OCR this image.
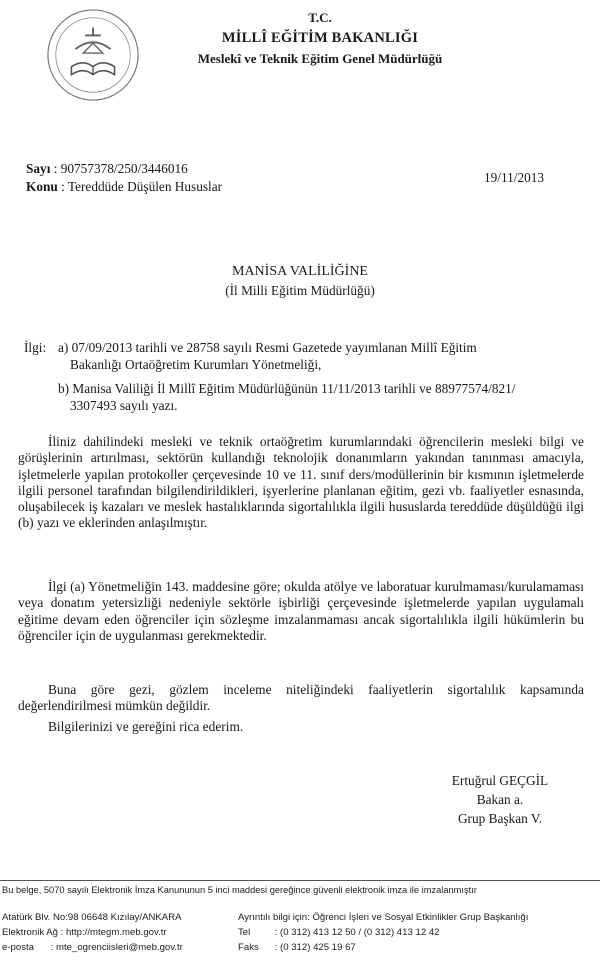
T.C.
MİLLÎ EĞİTİM BAKANLIĞI
Meslekî ve Teknik Eğitim Genel Müdürlüğü
Sayı : 90757378/250/3446016
Konu : Tereddüde Düşülen Hususlar
19/11/2013
MANİSA VALİLİĞİNE
(İl Milli Eğitim Müdürlüğü)
İlgi: a) 07/09/2013 tarihli ve 28758 sayılı Resmi Gazetede yayımlanan Millî Eğitim
Bakanlığı Ortaöğretim Kurumları Yönetmeliği,
b) Manisa Valiliği İl Millî Eğitim Müdürlüğünün 11/11/2013 tarihli ve 88977574/821/
3307493 sayılı yazı.
İliniz dahilindeki mesleki ve teknik ortaöğretim kurumlarındaki öğrencilerin mesleki bilgi ve görüşlerinin artırılması, sektörün kullandığı teknolojik donanımların yakından tanınması amacıyla, işletmelerle yapılan protokoller çerçevesinde 10 ve 11. sınıf ders/modüllerinin bir kısmının işletmelerde ilgili personel tarafından bilgilendirildikleri, işyerlerine planlanan eğitim, gezi vb. faaliyetler esnasında, oluşabilecek iş kazaları ve meslek hastalıklarında sigortalılıkla ilgili hususlarda tereddüde düşüldüğü ilgi (b) yazı ve eklerinden anlaşılmıştır.
İlgi (a) Yönetmeliğin 143. maddesine göre; okulda atölye ve laboratuar kurulmaması/kurulamaması veya donatım yetersizliği nedeniyle sektörle işbirliği çerçevesinde işletmelerde yapılan uygulamalı eğitime devam eden öğrenciler için sözleşme imzalanmaması ancak sigortalılıkla ilgili hükümlerin bu öğrenciler için de uygulanması gerekmektedir.
Buna göre gezi, gözlem inceleme niteliğindeki faaliyetlerin sigortalılık kapsamında değerlendirilmesi mümkün değildir.
Bilgilerinizi ve gereğini rica ederim.
Ertuğrul GEÇGİL
Bakan a.
Grup Başkan V.
Bu belge, 5070 sayılı Elektronik İmza Kanununun 5 inci maddesi gereğince güvenli elektronik imza ile imzalanmıştır
Atatürk Blv. No:98 06648 Kızılay/ANKARA
Elektronik Ağ : http://mtegm.meb.gov.tr
e-posta : mte_ogrenciisleri@meb.gov.tr
Ayrıntılı bilgi için: Öğrenci İşleri ve Sosyal Etkinlikler Grup Başkanlığı
Tel	: (0 312) 413 12 50 / (0 312) 413 12 42
Faks : (0 312) 425 19 67
